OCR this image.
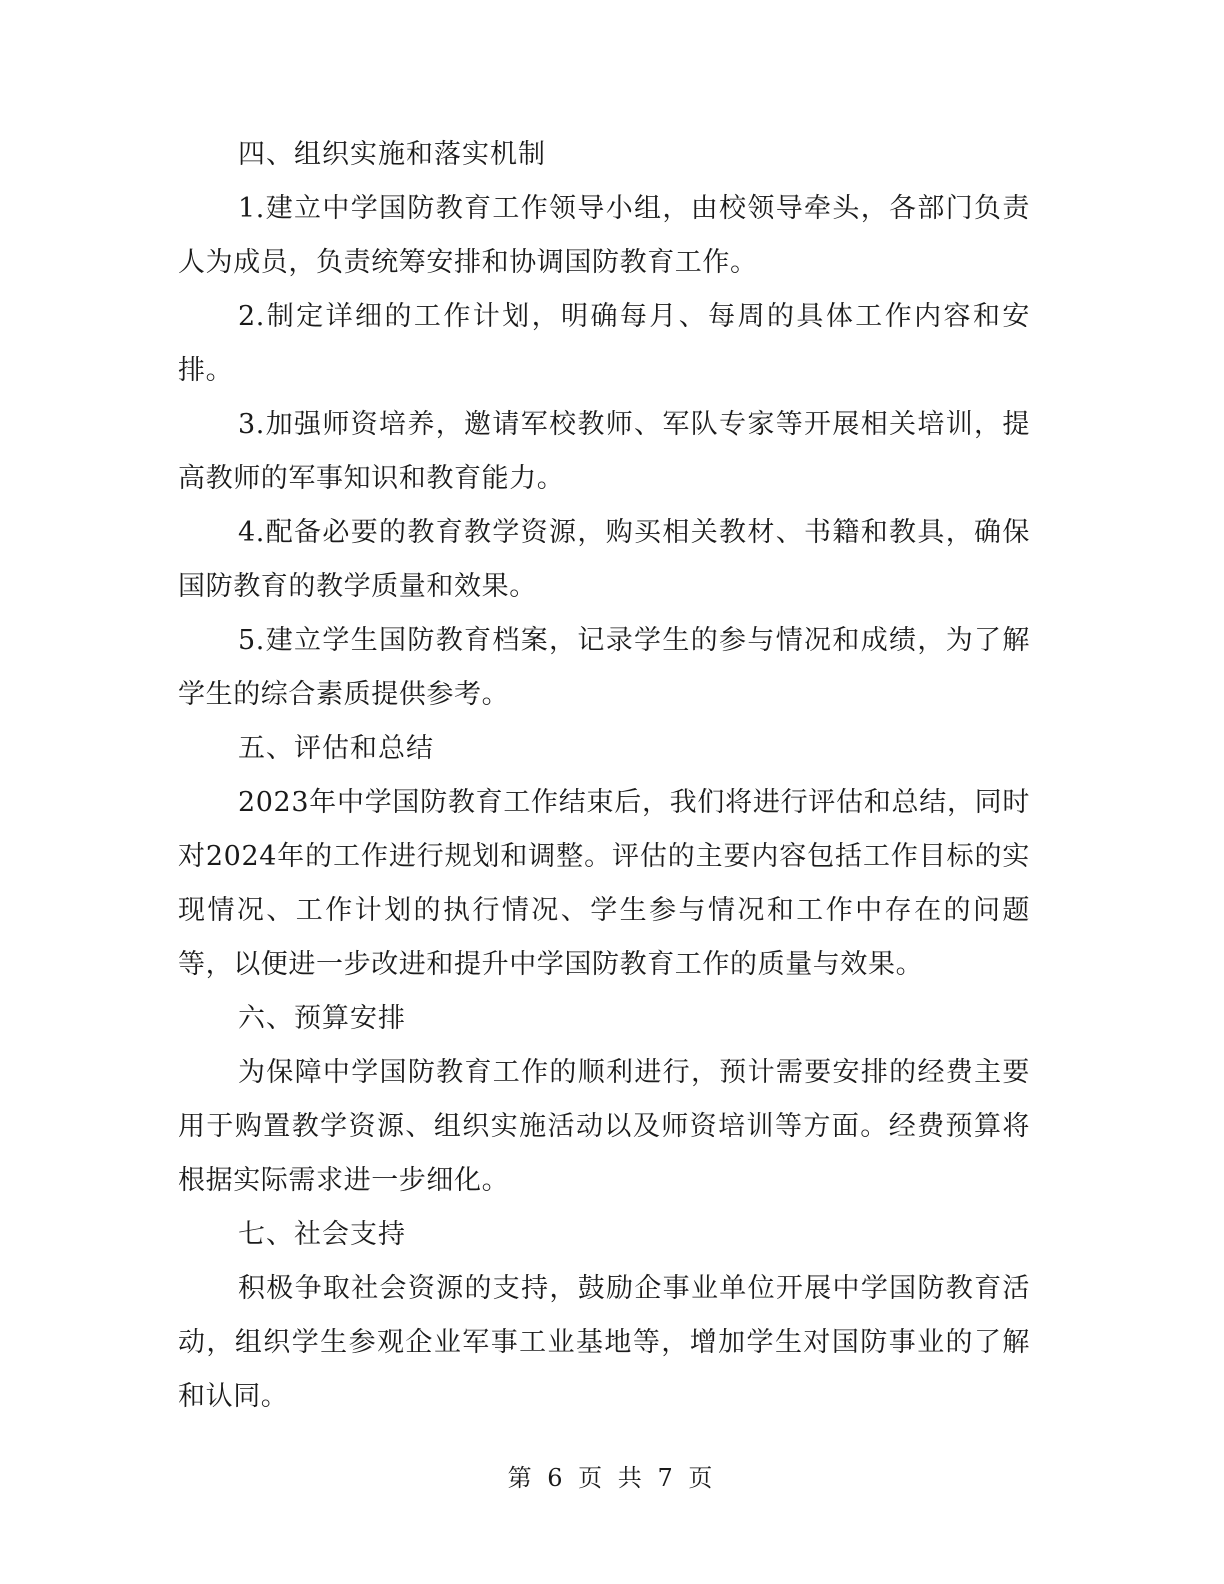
四、组织实施和落实机制

1.建立中学国防教育工作领导小组，由校领导牵头，各部门负责人为成员，负责统筹安排和协调国防教育工作。

2.制定详细的工作计划，明确每月、每周的具体工作内容和安排。

3.加强师资培养，邀请军校教师、军队专家等开展相关培训，提高教师的军事知识和教育能力。

4.配备必要的教育教学资源，购买相关教材、书籍和教具，确保国防教育的教学质量和效果。

5.建立学生国防教育档案，记录学生的参与情况和成绩，为了解学生的综合素质提供参考。

五、评估和总结

2023年中学国防教育工作结束后，我们将进行评估和总结，同时对2024年的工作进行规划和调整。评估的主要内容包括工作目标的实现情况、工作计划的执行情况、学生参与情况和工作中存在的问题等，以便进一步改进和提升中学国防教育工作的质量与效果。

六、预算安排

为保障中学国防教育工作的顺利进行，预计需要安排的经费主要用于购置教学资源、组织实施活动以及师资培训等方面。经费预算将根据实际需求进一步细化。

七、社会支持

积极争取社会资源的支持，鼓励企事业单位开展中学国防教育活动，组织学生参观企业军事工业基地等，增加学生对国防事业的了解和认同。

第 6 页 共 7 页
